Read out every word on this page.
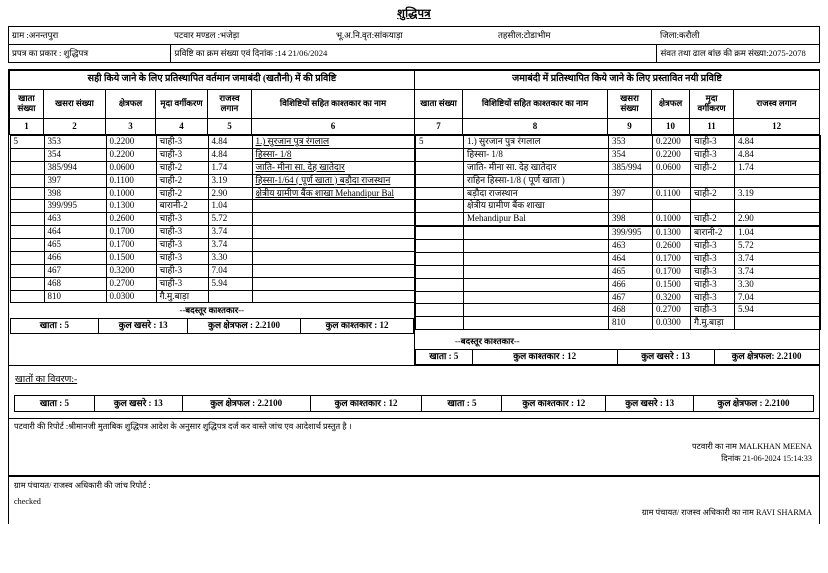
शुद्धिपत्र
ग्राम :अनन्तपुरा	पटवार मण्डल :भजेड़ा	भू.अ.नि.वृत:सांकयाड़ा	तहसील:टोडाभीम	जिला:करौली
प्रपत्र का प्रकार : शुद्धिपत्र	प्रविष्टि का क्रम संख्या एवं दिनांक :14 21/06/2024			संवत तथा ढाल बांछ की क्रम संख्या:2075-2078
सही किये जाने के लिए प्रतिस्थापित वर्तमान जमाबंदी (खतौनी) में की प्रविष्टि	जमाबंदी में प्रतिस्थापित किये जाने के लिए प्रस्तावित नयी प्रविष्टि
खाता संख्या	खसरा संख्या	क्षेत्रफल	मृदा वर्गीकरण	राजस्व लगान	विशिष्टियों सहित काश्तकार का नाम	खाता संख्या	विशिष्टियों सहित काश्तकार का नाम	खसरा संख्या	क्षेत्रफल	मृदा वर्गीकरण	राजस्व लगान
1	2	3	4	5	6	7	8	9	10	11	12

5	353	0.2200	चाही-3	4.84	1.) सुरजान पुत्र रंगलाल
	354	0.2200	चाही-3	4.84	हिस्सा- 1/8
	385/994	0.0600	चाही-2	1.74	जाति- मीना सा. देह खातेदार
	397	0.1100	चाही-2	3.19	हिस्सा-1/64 ( पूर्ण खाता ) बड़ौदा राजस्थान
	398	0.1000	चाही-2	2.90	क्षेत्रीय ग्रामीण बैंक शाखा Mehandipur Bal
	399/995	0.1300	बारानी-2	1.04	
	463	0.2600	चाही-3	5.72	
	464	0.1700	चाही-3	3.74	
	465	0.1700	चाही-3	3.74	
	466	0.1500	चाही-3	3.30	
	467	0.3200	चाही-3	7.04	
	468	0.2700	चाही-3	5.94	
	810	0.0300	गै.मु.बाड़ा		
--बदस्तूर काश्तकार--
खाता : 5	कुल खसरे : 13	कुल क्षेत्रफल : 2.2100	कुल काश्तकार : 12

5	1.) सुरजान पुत्र रंगलाल	353	0.2200	चाही-3	4.84
	हिस्सा- 1/8	354	0.2200	चाही-3	4.84
	जाति- मीना सा. देह खातेदार	385/994	0.0600	चाही-2	1.74
	राहिन हिस्सा-1/8 ( पूर्ण खाता )				
	बड़ौदा राजस्थान	397	0.1100	चाही-2	3.19
	क्षेत्रीय ग्रामीण बैंक शाखा				
	Mehandipur Bal	398	0.1000	चाही-2	2.90

		399/995	0.1300	बारानी-2	1.04
		463	0.2600	चाही-3	5.72
		464	0.1700	चाही-3	3.74
		465	0.1700	चाही-3	3.74
		466	0.1500	चाही-3	3.30
		467	0.3200	चाही-3	7.04
		468	0.2700	चाही-3	5.94
		810	0.0300	गै.मु.बाड़ा	
--बदस्तूर काश्तकार--
खाता : 5	कुल काश्तकार : 12	कुल खसरे : 13	कुल क्षेत्रफल: 2.2100
खातों का विवरण:-
खाता : 5	कुल खसरे : 13	कुल क्षेत्रफल : 2.2100	कुल काश्तकार : 12	खाता : 5	कुल काश्तकार : 12	कुल खसरे : 13	कुल क्षेत्रफल : 2.2100
पटवारी की रिपोर्ट :श्रीमानजी मुताबिक शुद्धिपत्र आदेश के अनुसार शुद्धिपत्र दर्ज कर वास्ते जांच एव आदेशार्थ प्रस्तुत है ।
पटवारी का नाम MALKHAN MEENA
दिनांक 21-06-2024 15:14:33
ग्राम पंचायत/ राजस्व अधिकारी की जांच रिपोर्ट :
checked
ग्राम पंचायत/ राजस्व अधिकारी का नाम RAVI SHARMA
